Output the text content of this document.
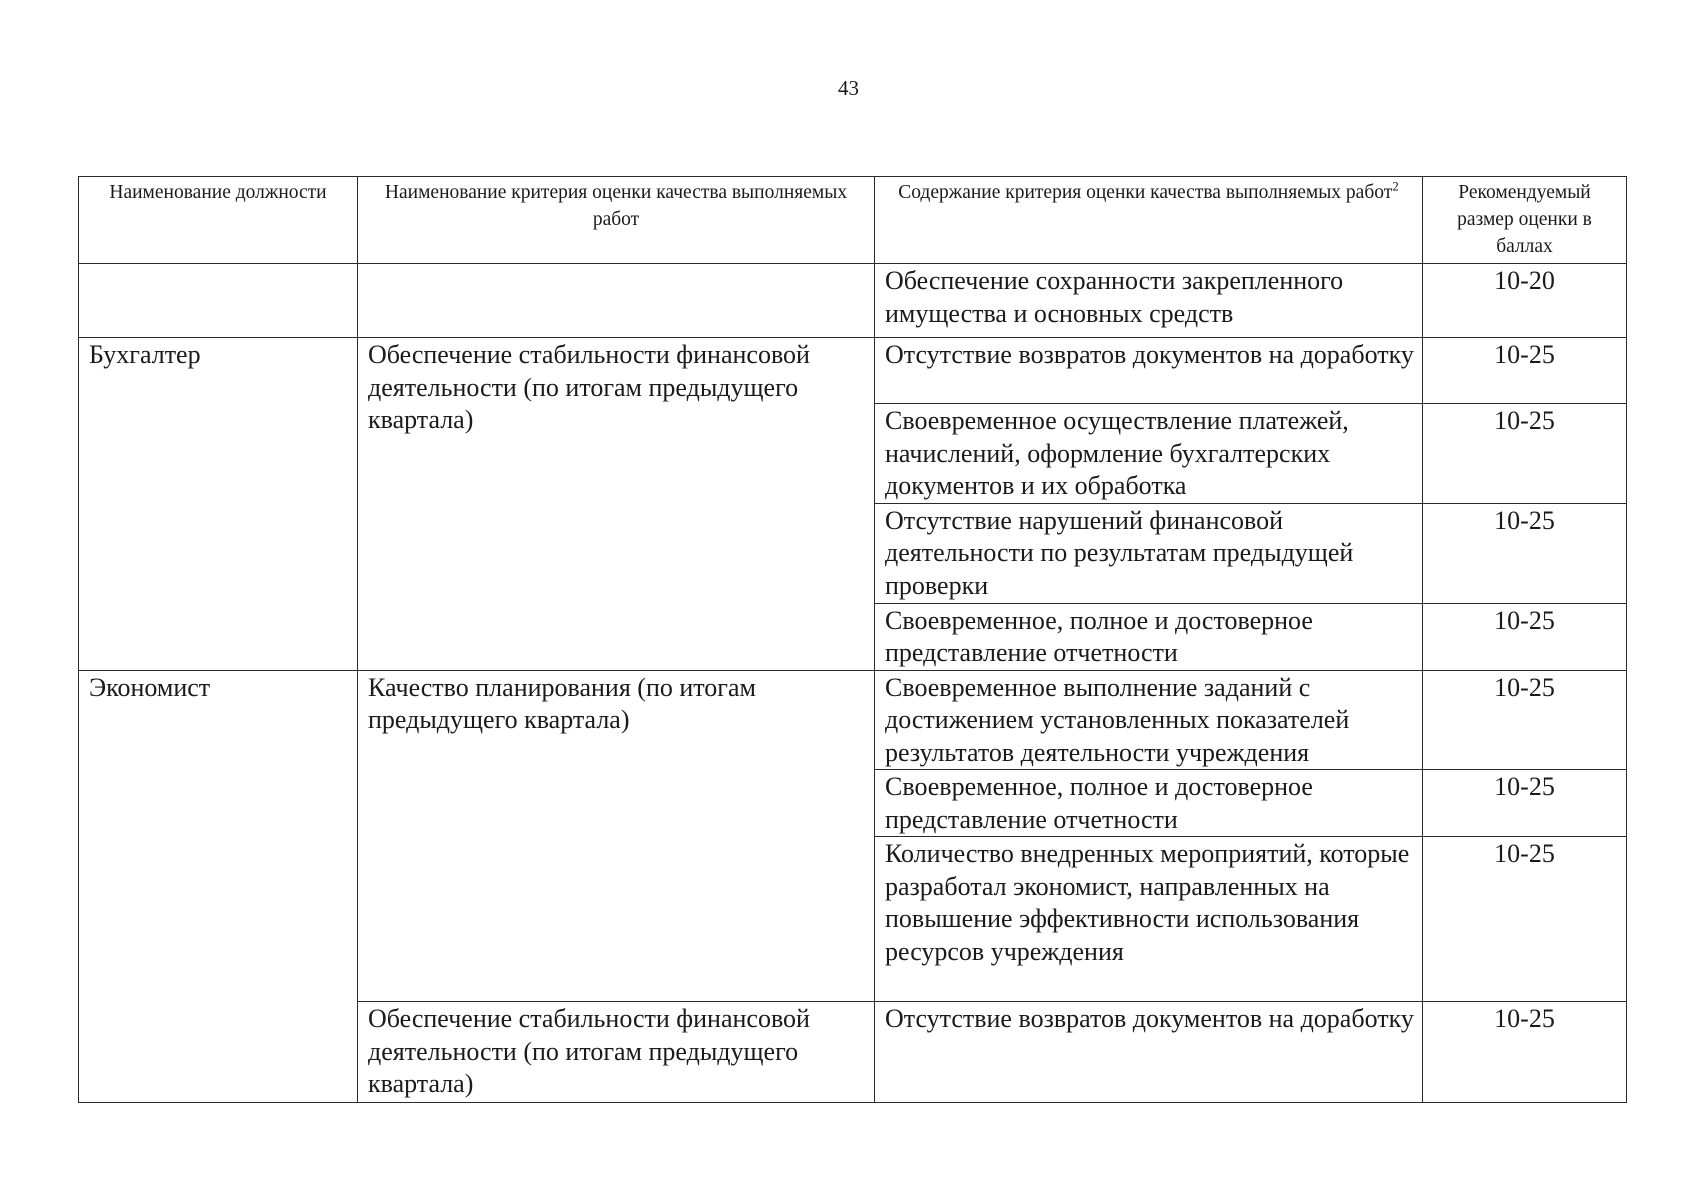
43
Наименование должности	Наименование критерия оценки качества выполняемых работ	Содержание критерия оценки качества выполняемых работ$^2$	Рекомендуемый размер оценки в баллах

		Обеспечение сохранности закрепленного имущества и основных средств	10-20

Бухгалтер	Обеспечение стабильности финансовой деятельности (по итогам предыдущего квартала)	Отсутствие возвратов документов на доработку	10-25

		Своевременное осуществление платежей, начислений, оформление бухгалтерских документов и их обработка	10-25

		Отсутствие нарушений финансовой деятельности по результатам предыдущей проверки	10-25

		Своевременное, полное и достоверное представление отчетности	10-25

Экономист	Качество планирования (по итогам предыдущего квартала)	Своевременное выполнение заданий с достижением установленных показателей результатов деятельности учреждения	10-25

		Своевременное, полное и достоверное представление отчетности	10-25

		Количество внедренных мероприятий, которые разработал экономист, направленных на повышение эффективности использования ресурсов учреждения	10-25

	Обеспечение стабильности финансовой деятельности (по итогам предыдущего квартала)	Отсутствие возвратов документов на доработку	10-25
